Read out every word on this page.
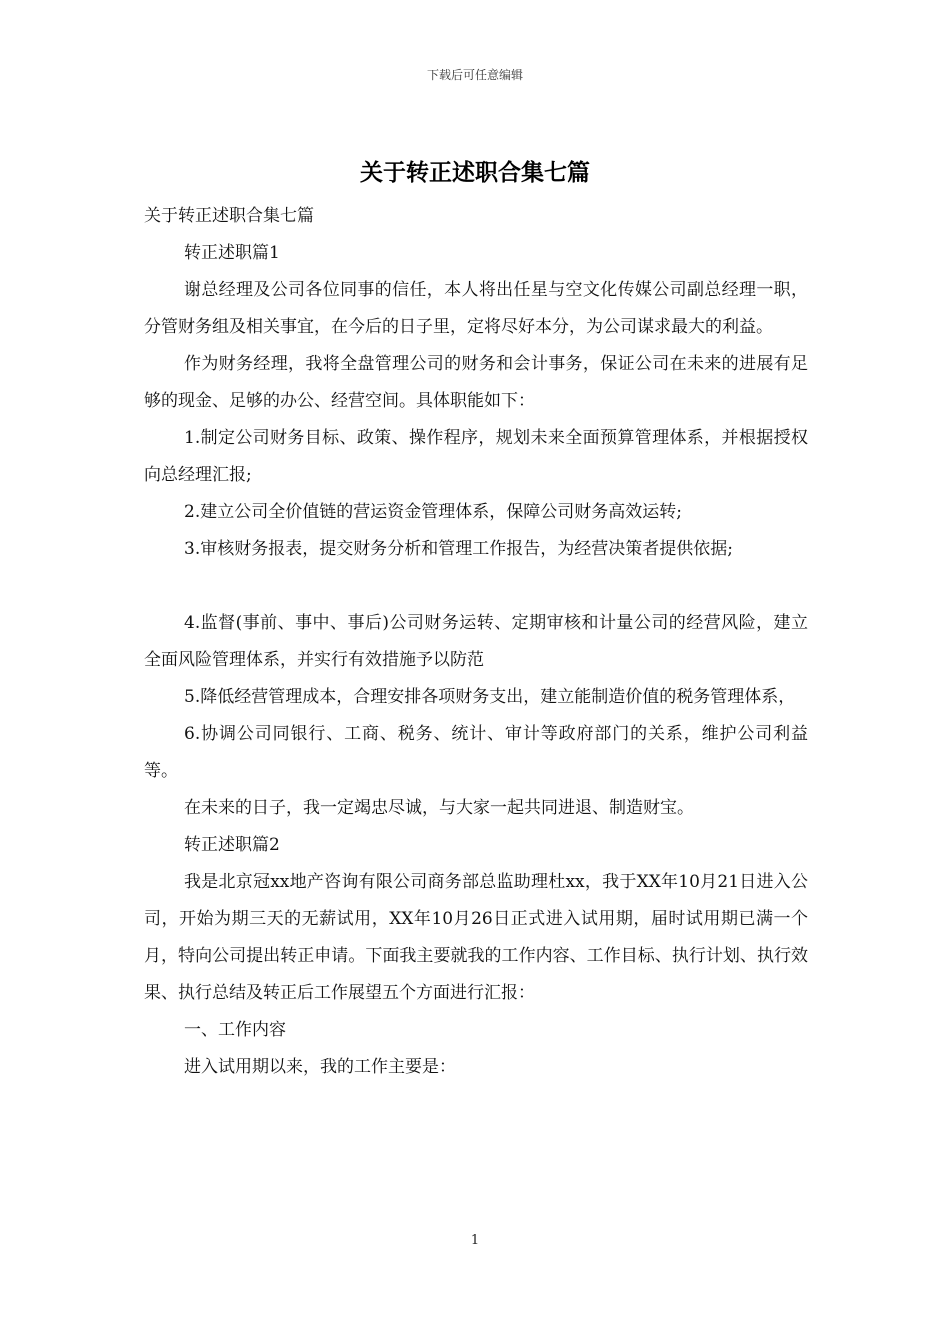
下载后可任意编辑
关于转正述职合集七篇

关于转正述职合集七篇

转正述职篇1

谢总经理及公司各位同事的信任，本人将出任星与空文化传媒公司副总经理一职，分管财务组及相关事宜，在今后的日子里，定将尽好本分，为公司谋求最大的利益。

作为财务经理，我将全盘管理公司的财务和会计事务，保证公司在未来的进展有足够的现金、足够的办公、经营空间。具体职能如下：

1.制定公司财务目标、政策、操作程序，规划未来全面预算管理体系，并根据授权向总经理汇报;

2.建立公司全价值链的营运资金管理体系，保障公司财务高效运转;

3.审核财务报表，提交财务分析和管理工作报告，为经营决策者提供依据;

4.监督(事前、事中、事后)公司财务运转、定期审核和计量公司的经营风险，建立全面风险管理体系，并实行有效措施予以防范

5.降低经营管理成本，合理安排各项财务支出，建立能制造价值的税务管理体系，

6.协调公司同银行、工商、税务、统计、审计等政府部门的关系，维护公司利益等。

在未来的日子，我一定竭忠尽诚，与大家一起共同进退、制造财宝。

转正述职篇2

我是北京冠xx地产咨询有限公司商务部总监助理杜xx，我于XX年10月21日进入公司，开始为期三天的无薪试用，XX年10月26日正式进入试用期，届时试用期已满一个月，特向公司提出转正申请。下面我主要就我的工作内容、工作目标、执行计划、执行效果、执行总结及转正后工作展望五个方面进行汇报：

一、工作内容

进入试用期以来，我的工作主要是：

1
